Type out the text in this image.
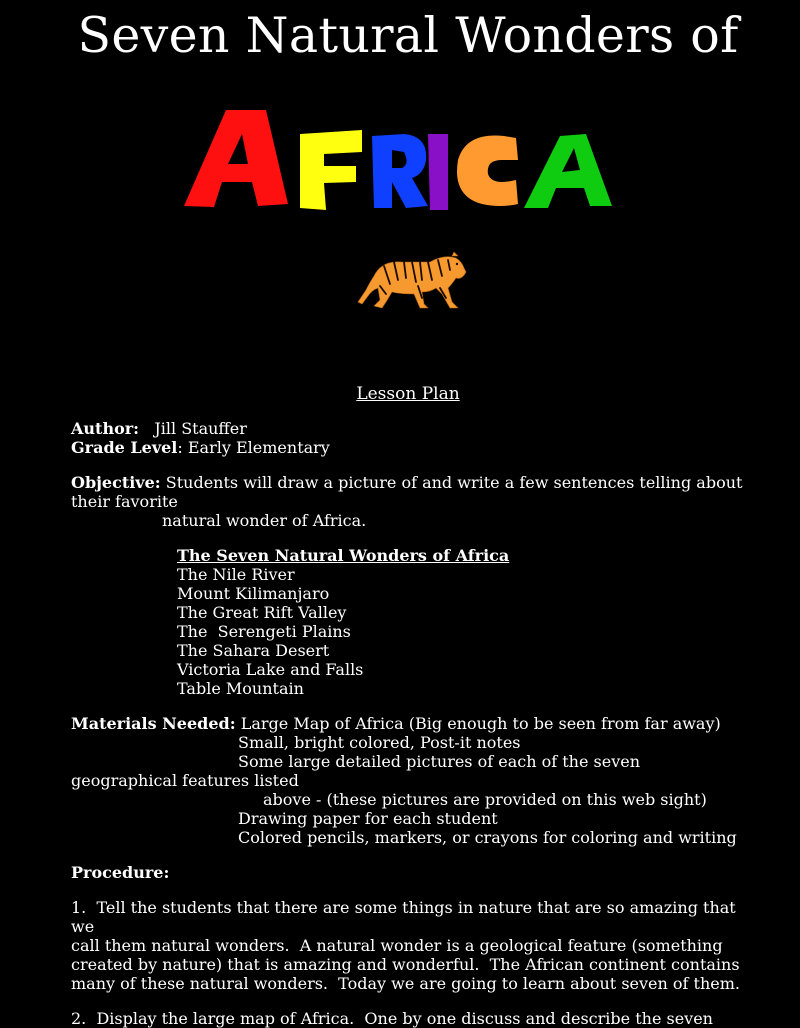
Seven Natural Wonders of

Lesson Plan

Author: Jill Stauffer

Grade Level: Early Elementary

Objective: Students will draw a picture of and write a few sentences telling about their favorite

natural wonder of Africa.

The Seven Natural Wonders of Africa

The Nile River

Mount Kilimanjaro

The Great Rift Valley

The  Serengeti Plains

The Sahara Desert

Victoria Lake and Falls

Table Mountain

Materials Needed: Large Map of Africa (Big enough to be seen from far away)

Small, bright colored, Post-it notes

Some large detailed pictures of each of the seven

geographical features listed

above - (these pictures are provided on this web sight)

Drawing paper for each student

Colored pencils, markers, or crayons for coloring and writing

Procedure:

1.  Tell the students that there are some things in nature that are so amazing that we

call them natural wonders.  A natural wonder is a geological feature (something created by nature) that is amazing and wonderful.  The African continent contains many of these natural wonders.  Today we are going to learn about seven of them.

2.  Display the large map of Africa.  One by one discuss and describe the seven
